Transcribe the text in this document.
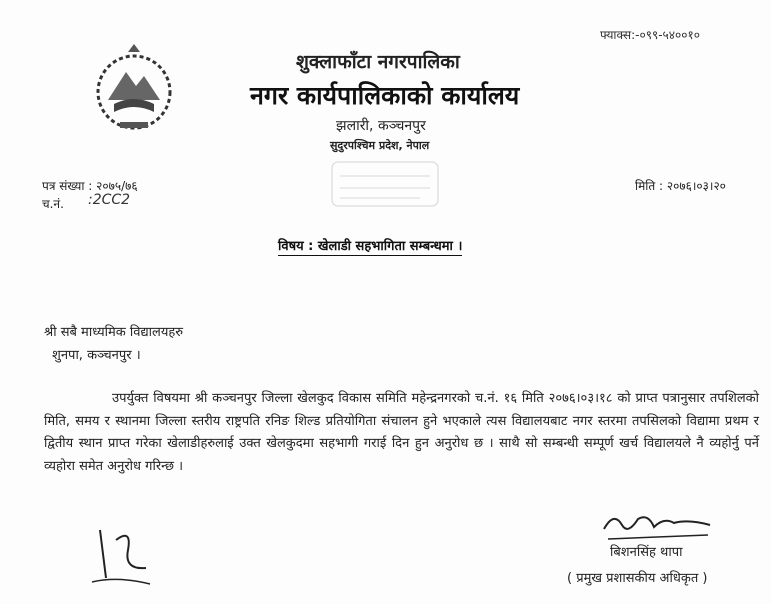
फ्याक्स:-०९९-५४००१०
शुक्लाफाँटा नगरपालिका
नगर कार्यपालिकाको कार्यालय
झलारी, कञ्चनपुर
सुदुरपश्चिम प्रदेश, नेपाल
पत्र संख्या : २०७५/७६
च.नं. :2CC2
मिति : २०७६।०३।२०
विषय : खेलाडी सहभागिता सम्बन्धमा ।
श्री सबै माध्यमिक विद्यालयहरु
शुनपा, कञ्चनपुर ।
उपर्युक्त विषयमा श्री कञ्चनपुर जिल्ला खेलकुद विकास समिति महेन्द्रनगरको च.नं. १६ मिति २०७६।०३।१८ को प्राप्त पत्रानुसार तपशिलको मिति, समय र स्थानमा जिल्ला स्तरीय राष्ट्रपति रनिङ शिल्ड प्रतियोगिता संचालन हुने भएकाले त्यस विद्यालयबाट नगर स्तरमा तपसिलको विद्यामा प्रथम र द्वितीय स्थान प्राप्त गरेका खेलाडीहरुलाई उक्त खेलकुदमा सहभागी गराई दिन हुन अनुरोध छ । साथै सो सम्बन्धी सम्पूर्ण खर्च विद्यालयले नै व्यहोर्नु पर्ने व्यहोरा समेत अनुरोध गरिन्छ ।
बिशनसिंह थापा
( प्रमुख प्रशासकीय अधिकृत )
